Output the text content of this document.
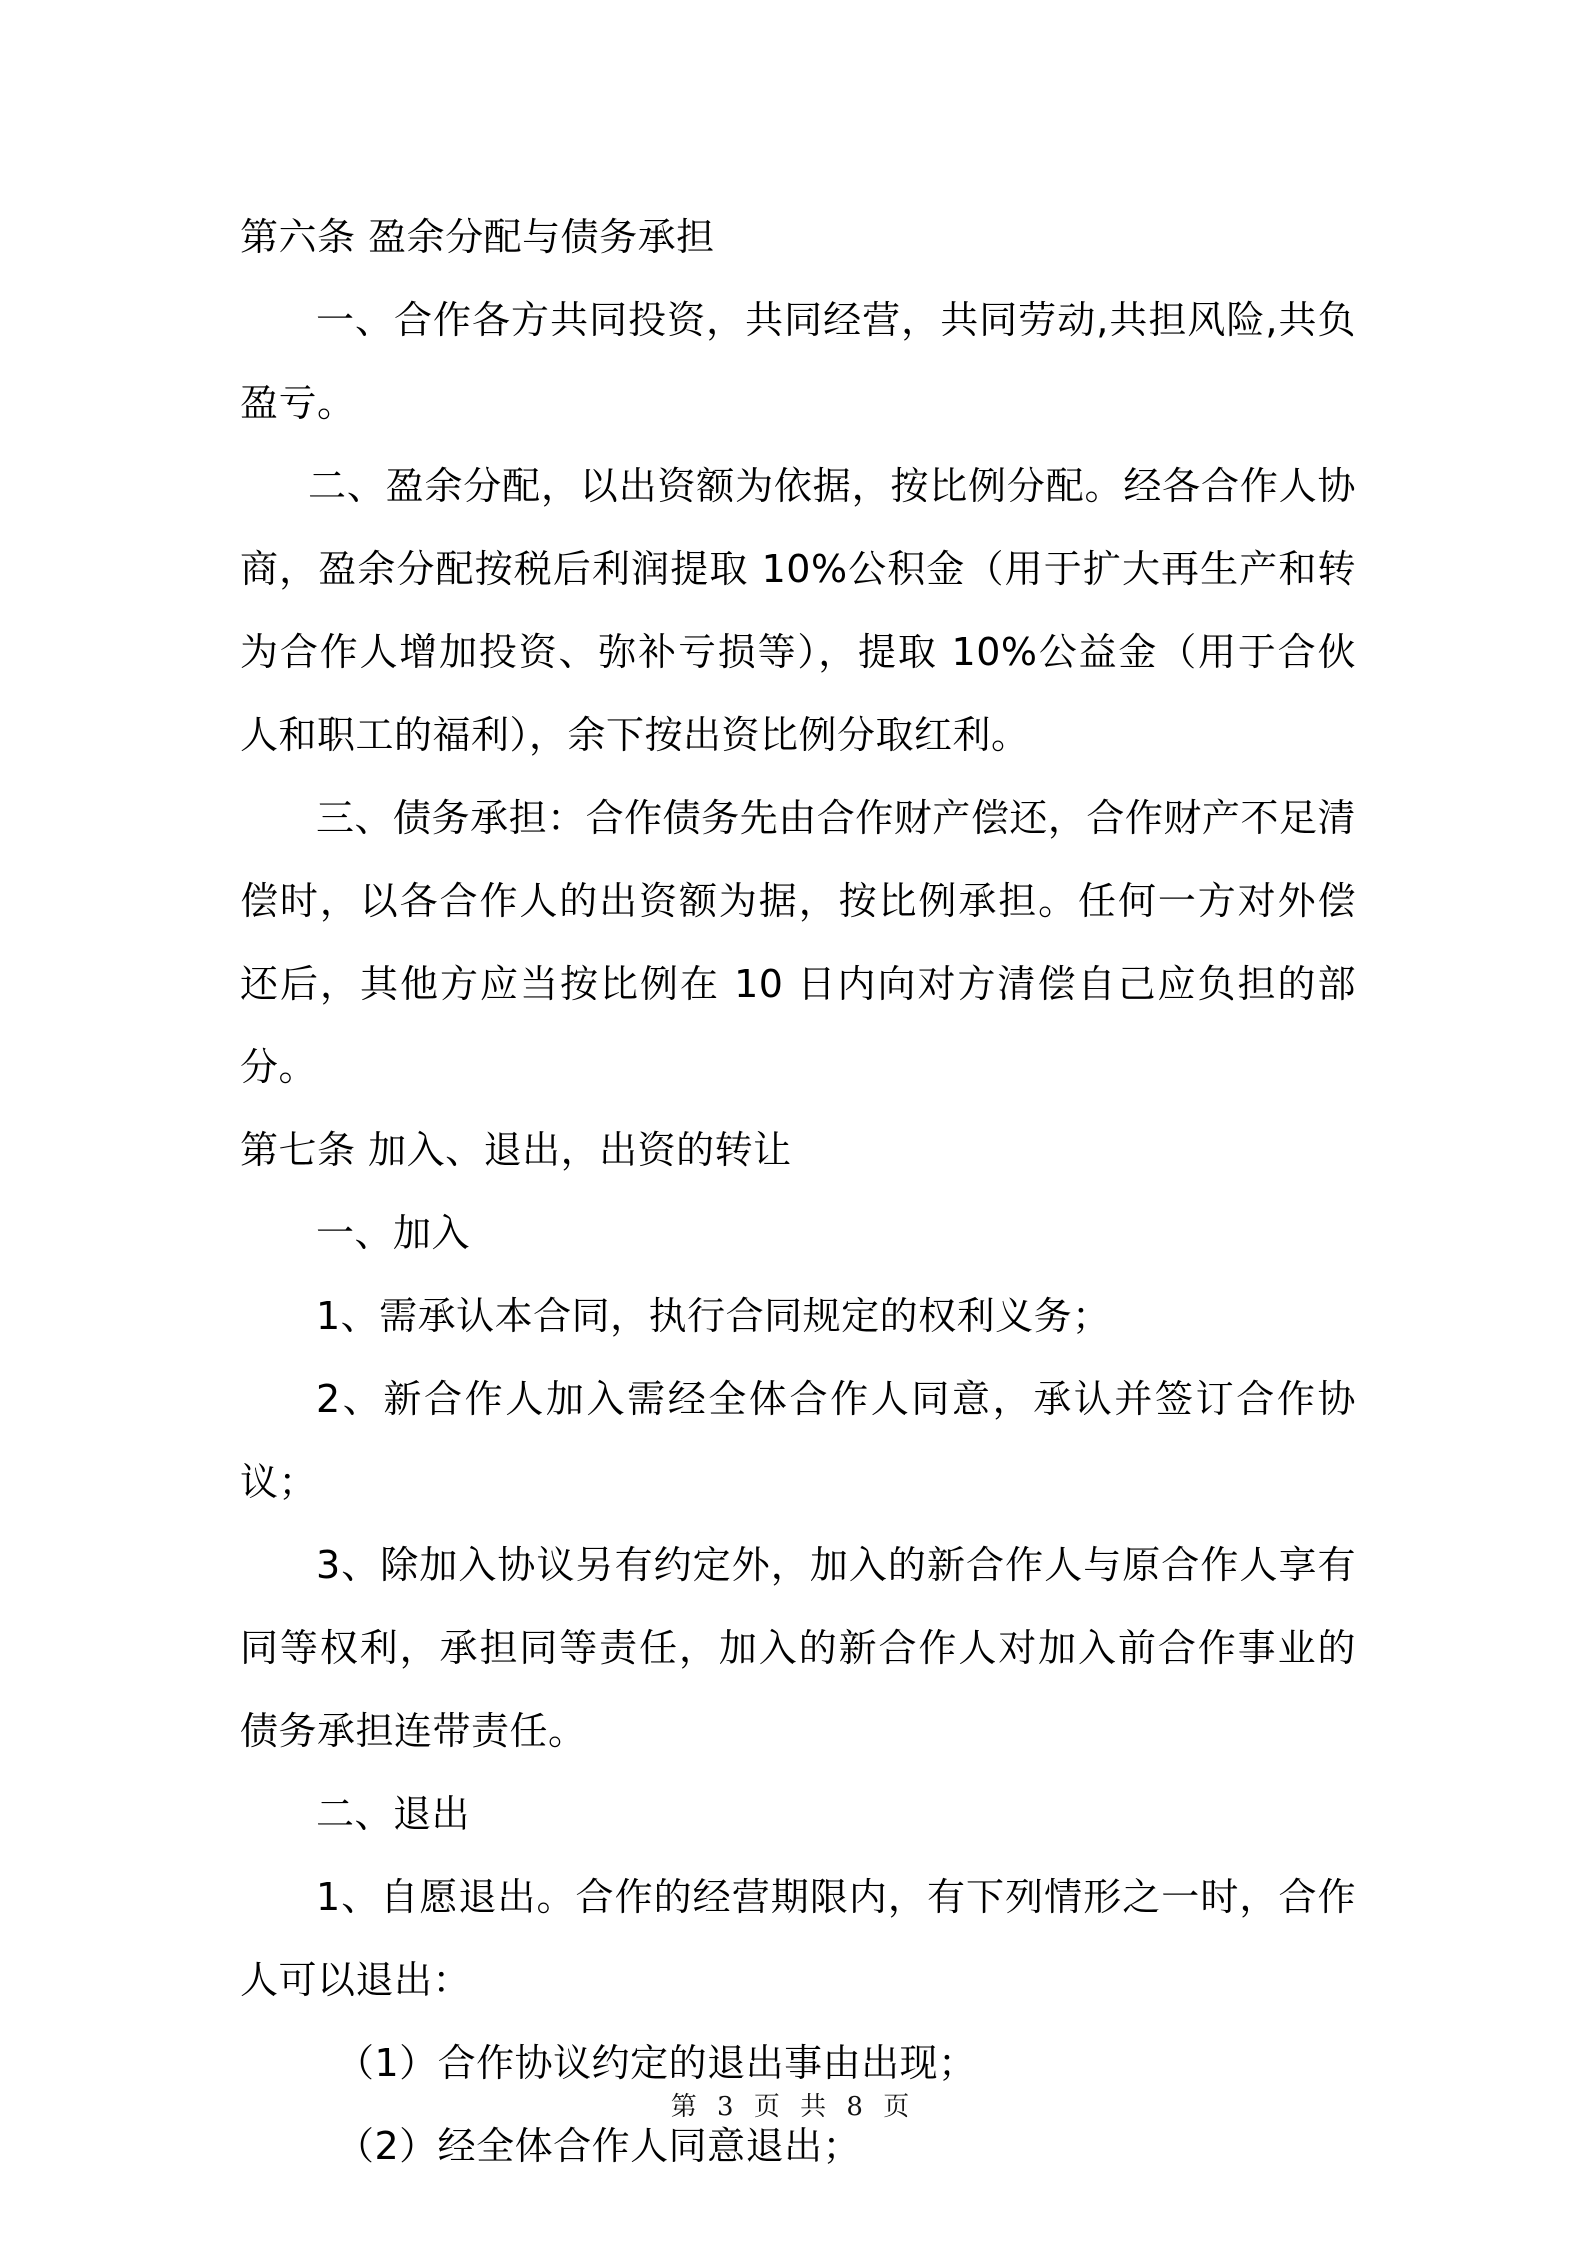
第六条 盈余分配与债务承担

一、合作各方共同投资，共同经营，共同劳动,共担风险,共负盈亏。

二、盈余分配，以出资额为依据，按比例分配。经各合作人协商，盈余分配按税后利润提取 10%公积金（用于扩大再生产和转为合作人增加投资、弥补亏损等），提取 10%公益金（用于合伙人和职工的福利），余下按出资比例分取红利。

三、债务承担：合作债务先由合作财产偿还，合作财产不足清偿时，以各合作人的出资额为据，按比例承担。任何一方对外偿还后，其他方应当按比例在 10 日内向对方清偿自己应负担的部分。

第七条 加入、退出，出资的转让

一、加入

1、需承认本合同，执行合同规定的权利义务；

2、新合作人加入需经全体合作人同意，承认并签订合作协议；

3、除加入协议另有约定外，加入的新合作人与原合作人享有同等权利，承担同等责任，加入的新合作人对加入前合作事业的债务承担连带责任。

二、退出

1、自愿退出。合作的经营期限内，有下列情形之一时，合作人可以退出：

（1）合作协议约定的退出事由出现；

（2）经全体合作人同意退出；

第 3 页 共 8 页
